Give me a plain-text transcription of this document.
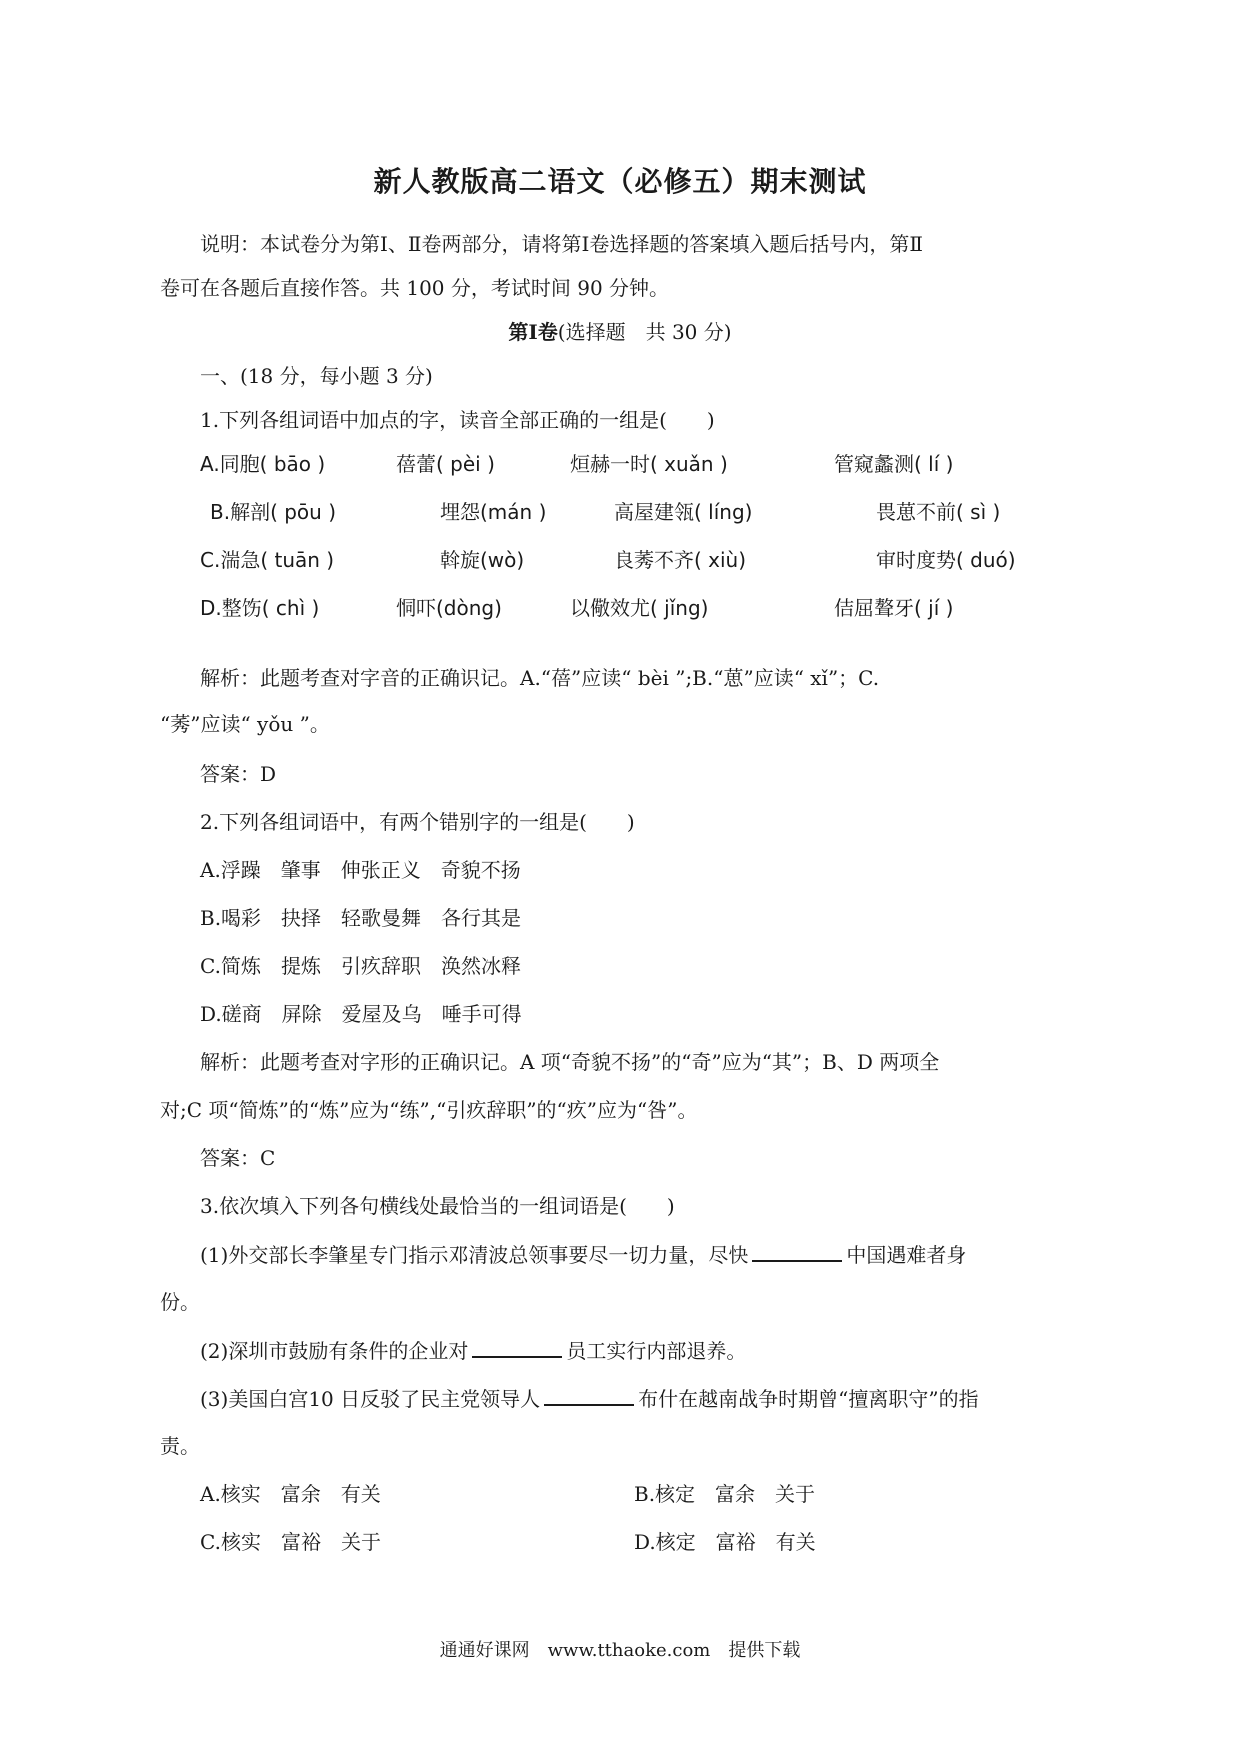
新人教版高二语文（必修五）期末测试
说明：本试卷分为第Ⅰ、Ⅱ卷两部分，请将第Ⅰ卷选择题的答案填入题后括号内，第Ⅱ
卷可在各题后直接作答。共 100 分，考试时间 90 分钟。
第Ⅰ卷(选择题　共 30 分)
一、(18 分，每小题 3 分)
1.下列各组词语中加点的字，读音全部正确的一组是(　　)
A.同胞( bāo )	蓓蕾( pèi )	烜赫一时( xuǎn )	管窥蠡测( lí )
B.解剖( pōu )	埋怨(mán )	高屋建瓴( líng)	畏葸不前( sì )
C.湍急( tuān )	斡旋(wò)	良莠不齐( xiù)	审时度势( duó)
D.整饬( chì )	恫吓(dòng)	以儆效尤( jǐng)	佶屈聱牙( jí )
解析：此题考查对字音的正确识记。A.“蓓”应读“ bèi ”;B.“葸”应读“ xǐ”；C.
“莠”应读“ yǒu ”。
答案：D
2.下列各组词语中，有两个错别字的一组是(　　)
A.浮躁　肇事　伸张正义　奇貌不扬
B.喝彩　抉择　轻歌曼舞　各行其是
C.简炼　提炼　引疚辞职　涣然冰释
D.磋商　屏除　爱屋及乌　唾手可得
解析：此题考查对字形的正确识记。A 项“奇貌不扬”的“奇”应为“其”；B、D 两项全
对;C 项“简炼”的“炼”应为“练”,“引疚辞职”的“疚”应为“咎”。
答案：C
3.依次填入下列各句横线处最恰当的一组词语是(　　)
(1)外交部长李肇星专门指示邓清波总领事要尽一切力量，尽快	中国遇难者身
份。
(2)深圳市鼓励有条件的企业对	员工实行内部退养。
(3)美国白宫10 日反驳了民主党领导人	布什在越南战争时期曾“擅离职守”的指
责。
A.核实　富余　有关	B.核定　富余　关于
C.核实　富裕　关于	D.核定　富裕　有关
通通好课网　www.tthaoke.com　提供下载
